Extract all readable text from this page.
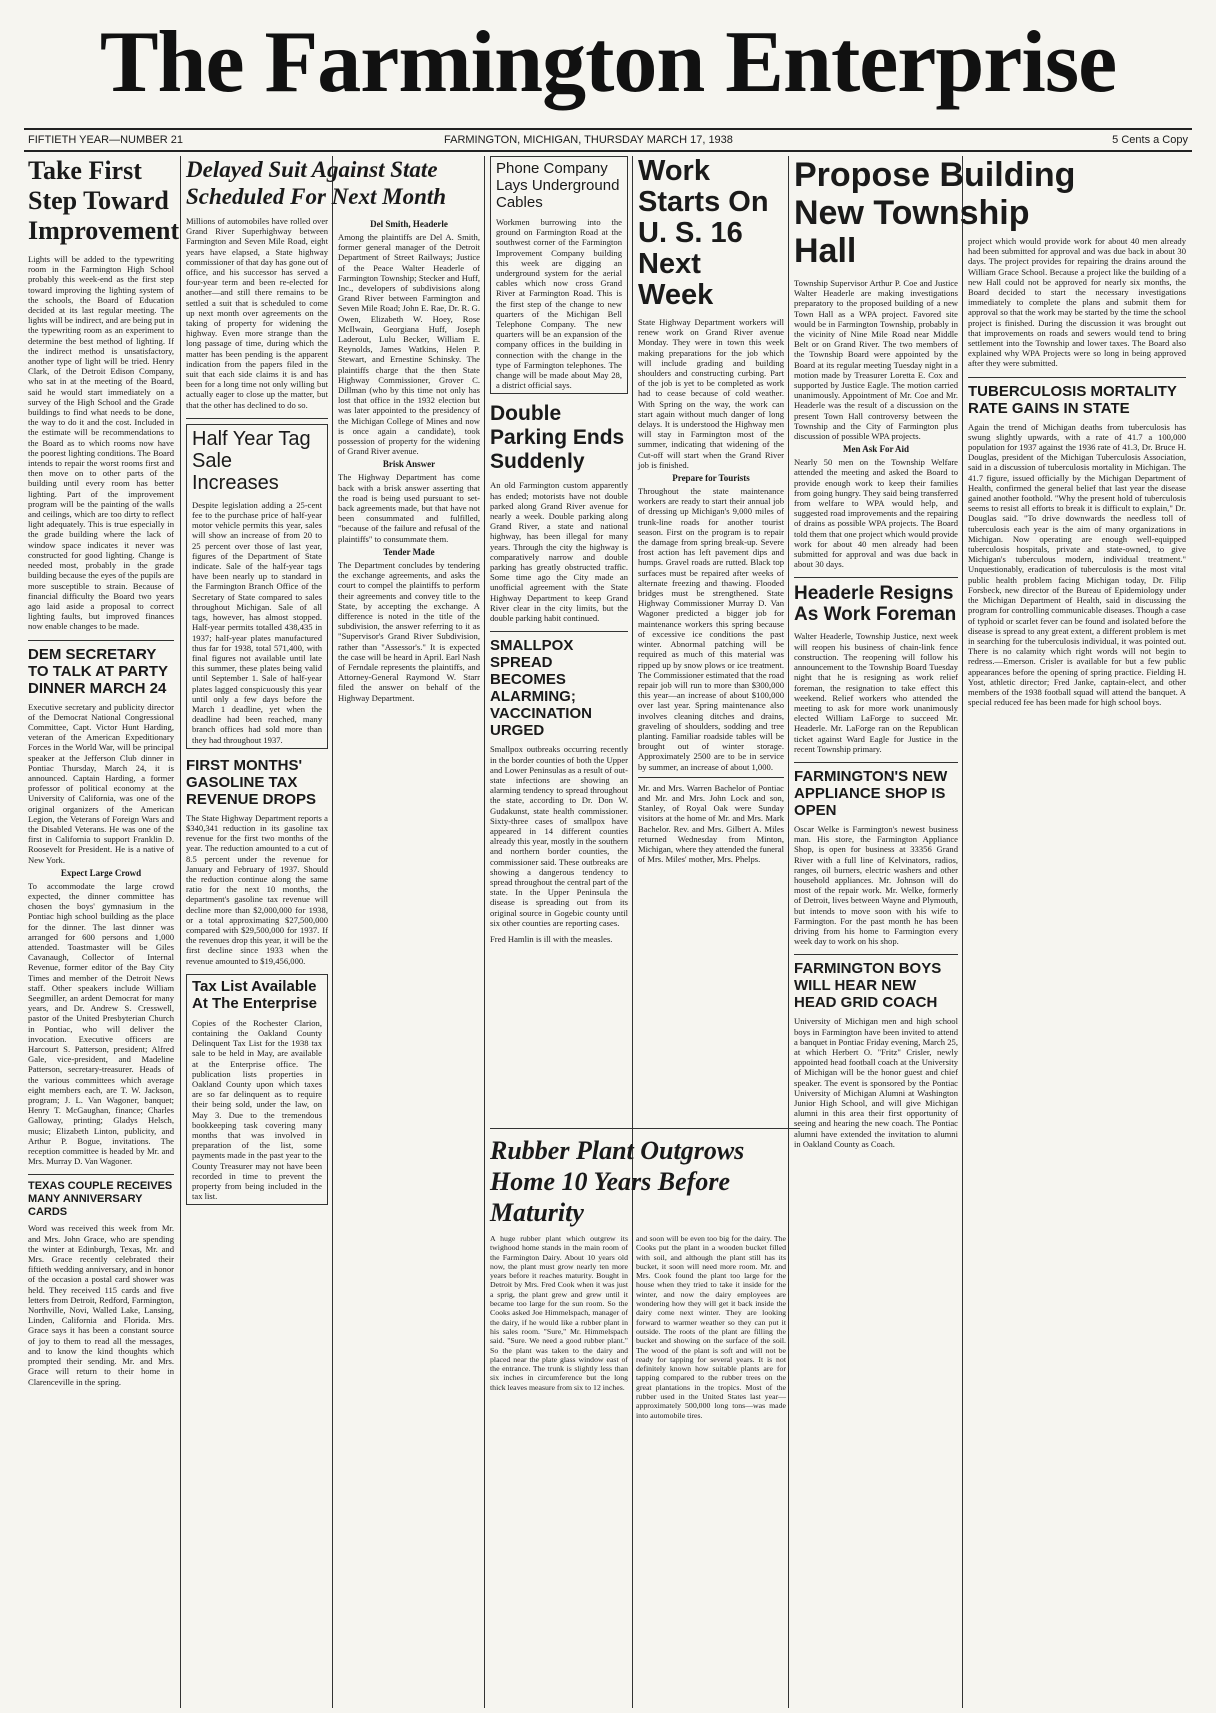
The Farmington Enterprise
FIFTIETH YEAR—NUMBER 21	FARMINGTON, MICHIGAN, THURSDAY MARCH 17, 1938	5 Cents a Copy
Take First Step Toward Improvement

Lights will be added to the typewriting room in the Farmington High School probably this week-end as the first step toward improving the lighting system of the schools, the Board of Education decided at its last regular meeting. The lights will be indirect, and are being put in the typewriting room as an experiment to determine the best method of lighting. If the indirect method is unsatisfactory, another type of light will be tried. Henry Clark, of the Detroit Edison Company, who sat in at the meeting of the Board, said he would start immediately on a survey of the High School and the Grade buildings to find what needs to be done, the way to do it and the cost. Included in the estimate will be recommendations to the Board as to which rooms now have the poorest lighting conditions. The Board intends to repair the worst rooms first and then move on to other parts of the building until every room has better lighting. Part of the improvement program will be the painting of the walls and ceilings, which are too dirty to reflect light adequately. This is true especially in the grade building where the lack of window space indicates it never was constructed for good lighting. Change is needed most, probably in the grade building because the eyes of the pupils are more susceptible to strain. Because of financial difficulty the Board two years ago laid aside a proposal to correct lighting faults, but improved finances now enable changes to be made.

DEM SECRETARY TO TALK AT PARTY DINNER MARCH 24

Executive secretary and publicity director of the Democrat National Congressional Committee, Capt. Victor Hunt Harding, veteran of the American Expeditionary Forces in the World War, will be principal speaker at the Jefferson Club dinner in Pontiac Thursday, March 24, it is announced. Captain Harding, a former professor of political economy at the University of California, was one of the original organizers of the American Legion, the Veterans of Foreign Wars and the Disabled Veterans. He was one of the first in California to support Franklin D. Roosevelt for President. He is a native of New York.

Expect Large Crowd

To accommodate the large crowd expected, the dinner committee has chosen the boys' gymnasium in the Pontiac high school building as the place for the dinner. The last dinner was arranged for 600 persons and 1,000 attended. Toastmaster will be Giles Cavanaugh, Collector of Internal Revenue, former editor of the Bay City Times and member of the Detroit News staff. Other speakers include William Seegmiller, an ardent Democrat for many years, and Dr. Andrew S. Cresswell, pastor of the United Presbyterian Church in Pontiac, who will deliver the invocation. Executive officers are Harcourt S. Patterson, president; Alfred Gale, vice-president, and Madeline Patterson, secretary-treasurer. Heads of the various committees which average eight members each, are T. W. Jackson, program; J. L. Van Wagoner, banquet; Henry T. McGaughan, finance; Charles Galloway, printing; Gladys Helsch, music; Elizabeth Linton, publicity, and Arthur P. Bogue, invitations. The reception committee is headed by Mr. and Mrs. Murray D. Van Wagoner.

TEXAS COUPLE RECEIVES MANY ANNIVERSARY CARDS

Word was received this week from Mr. and Mrs. John Grace, who are spending the winter at Edinburgh, Texas, Mr. and Mrs. Grace recently celebrated their fiftieth wedding anniversary, and in honor of the occasion a postal card shower was held. They received 115 cards and five letters from Detroit, Redford, Farmington, Northville, Novi, Walled Lake, Lansing, Linden, California and Florida. Mrs. Grace says it has been a constant source of joy to them to read all the messages, and to know the kind thoughts which prompted their sending. Mr. and Mrs. Grace will return to their home in Clarenceville in the spring.

Delayed Suit Against State Scheduled For Next Month

Millions of automobiles have rolled over Grand River Superhighway between Farmington and Seven Mile Road, eight years have elapsed, a State highway commissioner of that day has gone out of office, and his successor has served a four-year term and been re-elected for another—and still there remains to be settled a suit that is scheduled to come up next month over agreements on the taking of property for widening the highway. Even more strange than the long passage of time, during which the matter has been pending is the apparent indication from the papers filed in the suit that each side claims it is and has been for a long time not only willing but actually eager to close up the matter, but that the other has declined to do so.

Half Year Tag Sale Increases

Despite legislation adding a 25-cent fee to the purchase price of half-year motor vehicle permits this year, sales will show an increase of from 20 to 25 percent over those of last year, figures of the Department of State indicate. Sale of the half-year tags have been nearly up to standard in the Farmington Branch Office of the Secretary of State compared to sales throughout Michigan. Sale of all tags, however, has almost stopped. Half-year permits totalled 438,435 in 1937; half-year plates manufactured thus far for 1938, total 571,400, with final figures not available until late this summer, these plates being valid until September 1. Sale of half-year plates lagged conspicuously this year until only a few days before the March 1 deadline, yet when the deadline had been reached, many branch offices had sold more than they had throughout 1937.

FIRST MONTHS' GASOLINE TAX REVENUE DROPS

The State Highway Department reports a $340,341 reduction in its gasoline tax revenue for the first two months of the year. The reduction amounted to a cut of 8.5 percent under the revenue for January and February of 1937. Should the reduction continue along the same ratio for the next 10 months, the department's gasoline tax revenue will decline more than $2,000,000 for 1938, or a total approximating $27,500,000 compared with $29,500,000 for 1937. If the revenues drop this year, it will be the first decline since 1933 when the revenue amounted to $19,456,000.

Tax List Available At The Enterprise

Copies of the Rochester Clarion, containing the Oakland County Delinquent Tax List for the 1938 tax sale to be held in May, are available at the Enterprise office. The publication lists properties in Oakland County upon which taxes are so far delinquent as to require their being sold, under the law, on May 3. Due to the tremendous bookkeeping task covering many months that was involved in preparation of the list, some payments made in the past year to the County Treasurer may not have been recorded in time to prevent the property from being included in the tax list.

Del Smith, Headerle

Among the plaintiffs are Del A. Smith, former general manager of the Detroit Department of Street Railways; Justice of the Peace Walter Headerle of Farmington Township; Stecker and Huff, Inc., developers of subdivisions along Grand River between Farmington and Seven Mile Road; John E. Rae, Dr. R. G. Owen, Elizabeth W. Hoey, Rose McIlwain, Georgiana Huff, Joseph Laderout, Lulu Becker, William E. Reynolds, James Watkins, Helen P. Stewart, and Ernestine Schinsky. The plaintiffs charge that the then State Highway Commissioner, Grover C. Dillman (who by this time not only has lost that office in the 1932 election but was later appointed to the presidency of the Michigan College of Mines and now is once again a candidate), took possession of property for the widening of Grand River avenue.

Brisk Answer

The Highway Department has come back with a brisk answer asserting that the road is being used pursuant to set-back agreements made, but that have not been consummated and fulfilled, "because of the failure and refusal of the plaintiffs" to consummate them.

Tender Made

The Department concludes by tendering the exchange agreements, and asks the court to compel the plaintiffs to perform their agreements and convey title to the State, by accepting the exchange. A difference is noted in the title of the subdivision, the answer referring to it as "Supervisor's Grand River Subdivision, rather than "Assessor's." It is expected the case will be heard in April. Earl Nash of Ferndale represents the plaintiffs, and Attorney-General Raymond W. Starr filed the answer on behalf of the Highway Department.

Phone Company Lays Underground Cables

Workmen burrowing into the ground on Farmington Road at the southwest corner of the Farmington Improvement Company building this week are digging an underground system for the aerial cables which now cross Grand River at Farmington Road. This is the first step of the change to new quarters of the Michigan Bell Telephone Company. The new quarters will be an expansion of the company offices in the building in connection with the change in the type of Farmington telephones. The change will be made about May 28, a district official says.

Double Parking Ends Suddenly

An old Farmington custom apparently has ended; motorists have not double parked along Grand River avenue for nearly a week. Double parking along Grand River, a state and national highway, has been illegal for many years. Through the city the highway is comparatively narrow and double parking has greatly obstructed traffic. Some time ago the City made an unofficial agreement with the State Highway Department to keep Grand River clear in the city limits, but the double parking habit continued.

SMALLPOX SPREAD BECOMES ALARMING; VACCINATION URGED

Smallpox outbreaks occurring recently in the border counties of both the Upper and Lower Peninsulas as a result of out-state infections are showing an alarming tendency to spread throughout the state, according to Dr. Don W. Gudakunst, state health commissioner. Sixty-three cases of smallpox have appeared in 14 different counties already this year, mostly in the southern and northern border counties, the commissioner said. These outbreaks are showing a dangerous tendency to spread throughout the central part of the state. In the Upper Peninsula the disease is spreading out from its original source in Gogebic county until six other counties are reporting cases.

Fred Hamlin is ill with the measles.

Rubber Plant Outgrows Home 10 Years Before Maturity

A huge rubber plant which outgrew its twighood home stands in the main room of the Farmington Dairy. About 10 years old now, the plant must grow nearly ten more years before it reaches maturity. Bought in Detroit by Mrs. Fred Cook when it was just a sprig, the plant grew and grew until it became too large for the sun room. So the Cooks asked Joe Himmelspach, manager of the dairy, if he would like a rubber plant in his sales room. "Sure," Mr. Himmelspach said. "Sure. We need a good rubber plant." So the plant was taken to the dairy and placed near the plate glass window east of the entrance. The trunk is slightly less than six inches in circumference but the long thick leaves measure from six to 12 inches.

and soon will be even too big for the dairy. The Cooks put the plant in a wooden bucket filled with soil, and although the plant still has its bucket, it soon will need more room. Mr. and Mrs. Cook found the plant too large for the house when they tried to take it inside for the winter, and now the dairy employees are wondering how they will get it back inside the dairy come next winter. They are looking forward to warmer weather so they can put it outside. The roots of the plant are filling the bucket and showing on the surface of the soil. The wood of the plant is soft and will not be ready for tapping for several years. It is not definitely known how suitable plants are for tapping compared to the rubber trees on the great plantations in the tropics. Most of the rubber used in the United States last year—approximately 500,000 long tons—was made into automobile tires.

Work Starts On U. S. 16 Next Week

State Highway Department workers will renew work on Grand River avenue Monday. They were in town this week making preparations for the job which will include grading and building shoulders and constructing curbing. Part of the job is yet to be completed as work had to cease because of cold weather. With Spring on the way, the work can start again without much danger of long delays. It is understood the Highway men will stay in Farmington most of the summer, indicating that widening of the Cut-off will start when the Grand River job is finished.

Prepare for Tourists

Throughout the state maintenance workers are ready to start their annual job of dressing up Michigan's 9,000 miles of trunk-line roads for another tourist season. First on the program is to repair the damage from spring break-up. Severe frost action has left pavement dips and humps. Gravel roads are rutted. Black top surfaces must be repaired after weeks of alternate freezing and thawing. Flooded bridges must be strengthened. State Highway Commissioner Murray D. Van Wagoner predicted a bigger job for maintenance workers this spring because of excessive ice conditions the past winter. Abnormal patching will be required as much of this material was ripped up by snow plows or ice treatment. The Commissioner estimated that the road repair job will run to more than $300,000 this year—an increase of about $100,000 over last year. Spring maintenance also involves cleaning ditches and drains, graveling of shoulders, sodding and tree planting. Familiar roadside tables will be brought out of winter storage. Approximately 2500 are to be in service by summer, an increase of about 1,000.

Mr. and Mrs. Warren Bachelor of Pontiac and Mr. and Mrs. John Lock and son, Stanley, of Royal Oak were Sunday visitors at the home of Mr. and Mrs. Mark Bachelor. Rev. and Mrs. Gilbert A. Miles returned Wednesday from Minton, Michigan, where they attended the funeral of Mrs. Miles' mother, Mrs. Phelps.

Propose Building New Township Hall

Township Supervisor Arthur P. Coe and Justice Walter Headerle are making investigations preparatory to the proposed building of a new Town Hall as a WPA project. Favored site would be in Farmington Township, probably in the vicinity of Nine Mile Road near Middle Belt or on Grand River. The two members of the Township Board were appointed by the Board at its regular meeting Tuesday night in a motion made by Treasurer Loretta E. Cox and supported by Justice Eagle. The motion carried unanimously. Appointment of Mr. Coe and Mr. Headerle was the result of a discussion on the present Town Hall controversy between the Township and the City of Farmington plus discussion of possible WPA projects.

Men Ask For Aid

Nearly 50 men on the Township Welfare attended the meeting and asked the Board to provide enough work to keep their families from going hungry. They said being transferred from welfare to WPA would help, and suggested road improvements and the repairing of drains as possible WPA projects. The Board told them that one project which would provide work for about 40 men already had been submitted for approval and was due back in about 30 days.

Headerle Resigns As Work Foreman

Walter Headerle, Township Justice, next week will reopen his business of chain-link fence construction. The reopening will follow his announcement to the Township Board Tuesday night that he is resigning as work relief foreman, the resignation to take effect this weekend. Relief workers who attended the meeting to ask for more work unanimously elected William LaForge to succeed Mr. Headerle. Mr. LaForge ran on the Republican ticket against Ward Eagle for Justice in the recent Township primary.

FARMINGTON'S NEW APPLIANCE SHOP IS OPEN

Oscar Welke is Farmington's newest business man. His store, the Farmington Appliance Shop, is open for business at 33356 Grand River with a full line of Kelvinators, radios, ranges, oil burners, electric washers and other household appliances. Mr. Johnson will do most of the repair work. Mr. Welke, formerly of Detroit, lives between Wayne and Plymouth, but intends to move soon with his wife to Farmington. For the past month he has been driving from his home to Farmington every week day to work on his shop.

FARMINGTON BOYS WILL HEAR NEW HEAD GRID COACH

University of Michigan men and high school boys in Farmington have been invited to attend a banquet in Pontiac Friday evening, March 25, at which Herbert O. "Fritz" Crisler, newly appointed head football coach at the University of Michigan will be the honor guest and chief speaker. The event is sponsored by the Pontiac University of Michigan Alumni at Washington Junior High School, and will give Michigan alumni in this area their first opportunity of seeing and hearing the new coach. The Pontiac alumni have extended the invitation to alumni in Oakland County as Coach.

project which would provide work for about 40 men already had been submitted for approval and was due back in about 30 days. The project provides for repairing the drains around the William Grace School. Because a project like the building of a new Hall could not be approved for nearly six months, the Board decided to start the necessary investigations immediately to complete the plans and submit them for approval so that the work may be started by the time the school project is finished. During the discussion it was brought out that improvements on roads and sewers would tend to bring settlement into the Township and lower taxes. The Board also explained why WPA Projects were so long in being approved after they were submitted.

TUBERCULOSIS MORTALITY RATE GAINS IN STATE

Again the trend of Michigan deaths from tuberculosis has swung slightly upwards, with a rate of 41.7 a 100,000 population for 1937 against the 1936 rate of 41.3, Dr. Bruce H. Douglas, president of the Michigan Tuberculosis Association, said in a discussion of tuberculosis mortality in Michigan. The 41.7 figure, issued officially by the Michigan Department of Health, confirmed the general belief that last year the disease gained another foothold. "Why the present hold of tuberculosis seems to resist all efforts to break it is difficult to explain," Dr. Douglas said. "To drive downwards the needless toll of tuberculosis each year is the aim of many organizations in Michigan. Now operating are enough well-equipped tuberculosis hospitals, private and state-owned, to give Michigan's tuberculous modern, individual treatment." Unquestionably, eradication of tuberculosis is the most vital public health problem facing Michigan today, Dr. Filip Forsbeck, new director of the Bureau of Epidemiology under the Michigan Department of Health, said in discussing the program for controlling communicable diseases. Though a case of typhoid or scarlet fever can be found and isolated before the disease is spread to any great extent, a different problem is met in searching for the tuberculosis individual, it was pointed out. There is no calamity which right words will not begin to redress.—Emerson. Crisler is available for but a few public appearances before the opening of spring practice. Fielding H. Yost, athletic director; Fred Janke, captain-elect, and other members of the 1938 football squad will attend the banquet. A special reduced fee has been made for high school boys.
